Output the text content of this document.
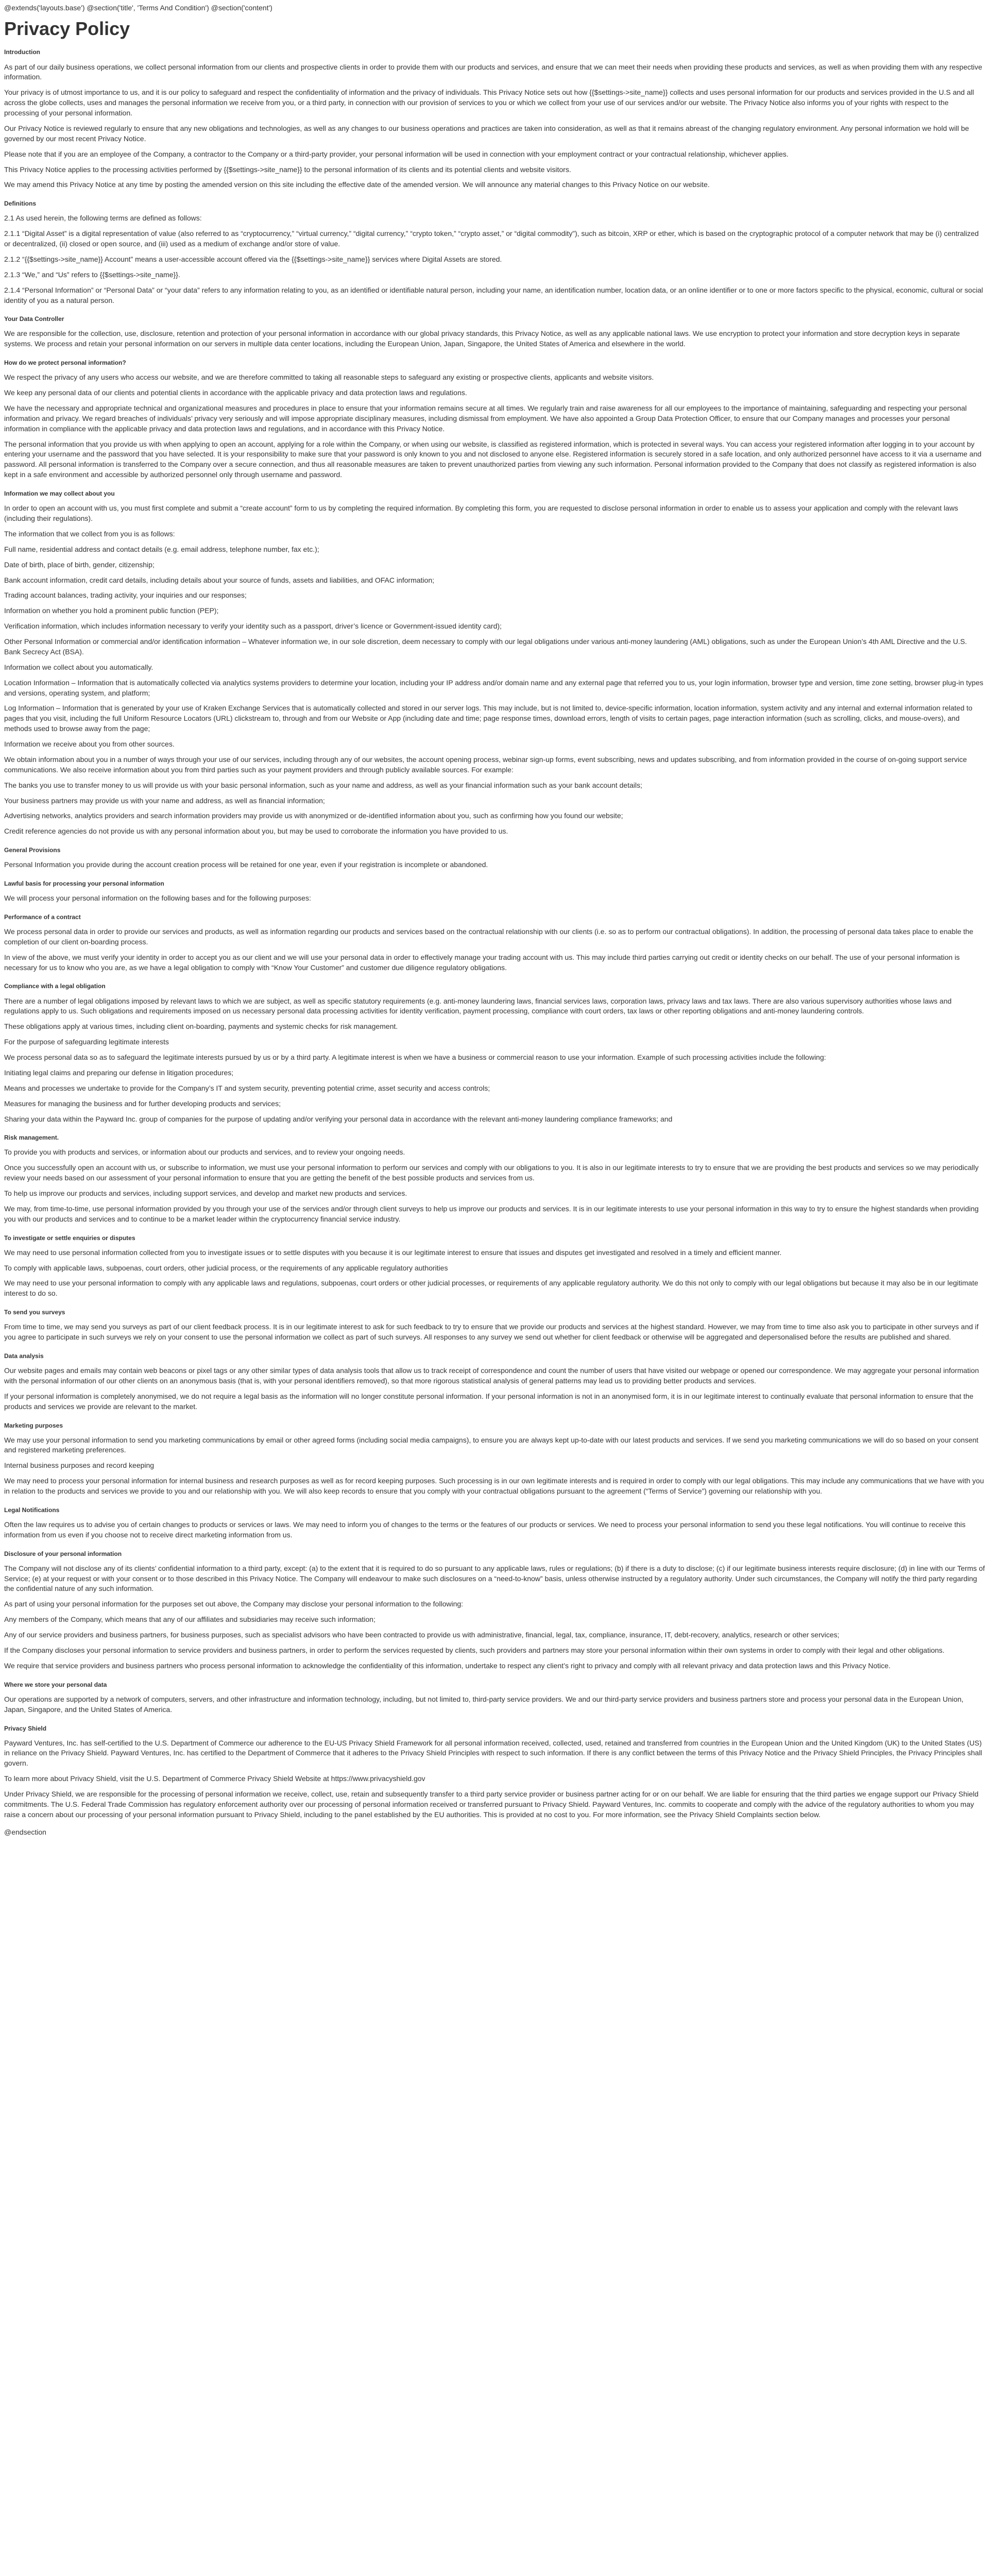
@extends('layouts.base') @section('title', 'Terms And Condition') @section('content')
Privacy Policy
Introduction

As part of our daily business operations, we collect personal information from our clients and prospective clients in order to provide them with our products and services, and ensure that we can meet their needs when providing these products and services, as well as when providing them with any respective information.

Your privacy is of utmost importance to us, and it is our policy to safeguard and respect the confidentiality of information and the privacy of individuals. This Privacy Notice sets out how {{$settings->site_name}} collects and uses personal information for our products and services provided in the U.S and all across the globe collects, uses and manages the personal information we receive from you, or a third party, in connection with our provision of services to you or which we collect from your use of our services and/or our website. The Privacy Notice also informs you of your rights with respect to the processing of your personal information.

Our Privacy Notice is reviewed regularly to ensure that any new obligations and technologies, as well as any changes to our business operations and practices are taken into consideration, as well as that it remains abreast of the changing regulatory environment. Any personal information we hold will be governed by our most recent Privacy Notice.

Please note that if you are an employee of the Company, a contractor to the Company or a third-party provider, your personal information will be used in connection with your employment contract or your contractual relationship, whichever applies.

This Privacy Notice applies to the processing activities performed by {{$settings->site_name}} to the personal information of its clients and its potential clients and website visitors.

We may amend this Privacy Notice at any time by posting the amended version on this site including the effective date of the amended version. We will announce any material changes to this Privacy Notice on our website.

Definitions

2.1 As used herein, the following terms are defined as follows:

2.1.1 “Digital Asset” is a digital representation of value (also referred to as “cryptocurrency,” “virtual currency,” “digital currency,” “crypto token,” “crypto asset,” or “digital commodity”), such as bitcoin, XRP or ether, which is based on the cryptographic protocol of a computer network that may be (i) centralized or decentralized, (ii) closed or open source, and (iii) used as a medium of exchange and/or store of value.

2.1.2 “{{$settings->site_name}} Account” means a user-accessible account offered via the {{$settings->site_name}} services where Digital Assets are stored.

2.1.3 “We,” and “Us” refers to {{$settings->site_name}}.

2.1.4 “Personal Information” or “Personal Data” or “your data” refers to any information relating to you, as an identified or identifiable natural person, including your name, an identification number, location data, or an online identifier or to one or more factors specific to the physical, economic, cultural or social identity of you as a natural person.

Your Data Controller

We are responsible for the collection, use, disclosure, retention and protection of your personal information in accordance with our global privacy standards, this Privacy Notice, as well as any applicable national laws. We use encryption to protect your information and store decryption keys in separate systems. We process and retain your personal information on our servers in multiple data center locations, including the European Union, Japan, Singapore, the United States of America and elsewhere in the world.

How do we protect personal information?

We respect the privacy of any users who access our website, and we are therefore committed to taking all reasonable steps to safeguard any existing or prospective clients, applicants and website visitors.

We keep any personal data of our clients and potential clients in accordance with the applicable privacy and data protection laws and regulations.

We have the necessary and appropriate technical and organizational measures and procedures in place to ensure that your information remains secure at all times. We regularly train and raise awareness for all our employees to the importance of maintaining, safeguarding and respecting your personal information and privacy. We regard breaches of individuals’ privacy very seriously and will impose appropriate disciplinary measures, including dismissal from employment. We have also appointed a Group Data Protection Officer, to ensure that our Company manages and processes your personal information in compliance with the applicable privacy and data protection laws and regulations, and in accordance with this Privacy Notice.

The personal information that you provide us with when applying to open an account, applying for a role within the Company, or when using our website, is classified as registered information, which is protected in several ways. You can access your registered information after logging in to your account by entering your username and the password that you have selected. It is your responsibility to make sure that your password is only known to you and not disclosed to anyone else. Registered information is securely stored in a safe location, and only authorized personnel have access to it via a username and password. All personal information is transferred to the Company over a secure connection, and thus all reasonable measures are taken to prevent unauthorized parties from viewing any such information. Personal information provided to the Company that does not classify as registered information is also kept in a safe environment and accessible by authorized personnel only through username and password.

Information we may collect about you

In order to open an account with us, you must first complete and submit a “create account” form to us by completing the required information. By completing this form, you are requested to disclose personal information in order to enable us to assess your application and comply with the relevant laws (including their regulations).

The information that we collect from you is as follows:

Full name, residential address and contact details (e.g. email address, telephone number, fax etc.);

Date of birth, place of birth, gender, citizenship;

Bank account information, credit card details, including details about your source of funds, assets and liabilities, and OFAC information;

Trading account balances, trading activity, your inquiries and our responses;

Information on whether you hold a prominent public function (PEP);

Verification information, which includes information necessary to verify your identity such as a passport, driver’s licence or Government-issued identity card);

Other Personal Information or commercial and/or identification information – Whatever information we, in our sole discretion, deem necessary to comply with our legal obligations under various anti-money laundering (AML) obligations, such as under the European Union’s 4th AML Directive and the U.S. Bank Secrecy Act (BSA).

Information we collect about you automatically.

Location Information – Information that is automatically collected via analytics systems providers to determine your location, including your IP address and/or domain name and any external page that referred you to us, your login information, browser type and version, time zone setting, browser plug-in types and versions, operating system, and platform;

Log Information – Information that is generated by your use of Kraken Exchange Services that is automatically collected and stored in our server logs. This may include, but is not limited to, device-specific information, location information, system activity and any internal and external information related to pages that you visit, including the full Uniform Resource Locators (URL) clickstream to, through and from our Website or App (including date and time; page response times, download errors, length of visits to certain pages, page interaction information (such as scrolling, clicks, and mouse-overs), and methods used to browse away from the page;

Information we receive about you from other sources.

We obtain information about you in a number of ways through your use of our services, including through any of our websites, the account opening process, webinar sign-up forms, event subscribing, news and updates subscribing, and from information provided in the course of on-going support service communications. We also receive information about you from third parties such as your payment providers and through publicly available sources. For example:

The banks you use to transfer money to us will provide us with your basic personal information, such as your name and address, as well as your financial information such as your bank account details;

Your business partners may provide us with your name and address, as well as financial information;

Advertising networks, analytics providers and search information providers may provide us with anonymized or de-identified information about you, such as confirming how you found our website;

Credit reference agencies do not provide us with any personal information about you, but may be used to corroborate the information you have provided to us.

General Provisions

Personal Information you provide during the account creation process will be retained for one year, even if your registration is incomplete or abandoned.

Lawful basis for processing your personal information

We will process your personal information on the following bases and for the following purposes:

Performance of a contract

We process personal data in order to provide our services and products, as well as information regarding our products and services based on the contractual relationship with our clients (i.e. so as to perform our contractual obligations). In addition, the processing of personal data takes place to enable the completion of our client on-boarding process.

In view of the above, we must verify your identity in order to accept you as our client and we will use your personal data in order to effectively manage your trading account with us. This may include third parties carrying out credit or identity checks on our behalf. The use of your personal information is necessary for us to know who you are, as we have a legal obligation to comply with “Know Your Customer” and customer due diligence regulatory obligations.

Compliance with a legal obligation

There are a number of legal obligations imposed by relevant laws to which we are subject, as well as specific statutory requirements (e.g. anti-money laundering laws, financial services laws, corporation laws, privacy laws and tax laws. There are also various supervisory authorities whose laws and regulations apply to us. Such obligations and requirements imposed on us necessary personal data processing activities for identity verification, payment processing, compliance with court orders, tax laws or other reporting obligations and anti-money laundering controls.

These obligations apply at various times, including client on-boarding, payments and systemic checks for risk management.

For the purpose of safeguarding legitimate interests

We process personal data so as to safeguard the legitimate interests pursued by us or by a third party. A legitimate interest is when we have a business or commercial reason to use your information. Example of such processing activities include the following:

Initiating legal claims and preparing our defense in litigation procedures;

Means and processes we undertake to provide for the Company’s IT and system security, preventing potential crime, asset security and access controls;

Measures for managing the business and for further developing products and services;

Sharing your data within the Payward Inc. group of companies for the purpose of updating and/or verifying your personal data in accordance with the relevant anti-money laundering compliance frameworks; and

Risk management.

To provide you with products and services, or information about our products and services, and to review your ongoing needs.

Once you successfully open an account with us, or subscribe to information, we must use your personal information to perform our services and comply with our obligations to you. It is also in our legitimate interests to try to ensure that we are providing the best products and services so we may periodically review your needs based on our assessment of your personal information to ensure that you are getting the benefit of the best possible products and services from us.

To help us improve our products and services, including support services, and develop and market new products and services.

We may, from time-to-time, use personal information provided by you through your use of the services and/or through client surveys to help us improve our products and services. It is in our legitimate interests to use your personal information in this way to try to ensure the highest standards when providing you with our products and services and to continue to be a market leader within the cryptocurrency financial service industry.

To investigate or settle enquiries or disputes

We may need to use personal information collected from you to investigate issues or to settle disputes with you because it is our legitimate interest to ensure that issues and disputes get investigated and resolved in a timely and efficient manner.

To comply with applicable laws, subpoenas, court orders, other judicial process, or the requirements of any applicable regulatory authorities

We may need to use your personal information to comply with any applicable laws and regulations, subpoenas, court orders or other judicial processes, or requirements of any applicable regulatory authority. We do this not only to comply with our legal obligations but because it may also be in our legitimate interest to do so.

To send you surveys

From time to time, we may send you surveys as part of our client feedback process. It is in our legitimate interest to ask for such feedback to try to ensure that we provide our products and services at the highest standard. However, we may from time to time also ask you to participate in other surveys and if you agree to participate in such surveys we rely on your consent to use the personal information we collect as part of such surveys. All responses to any survey we send out whether for client feedback or otherwise will be aggregated and depersonalised before the results are published and shared.

Data analysis

Our website pages and emails may contain web beacons or pixel tags or any other similar types of data analysis tools that allow us to track receipt of correspondence and count the number of users that have visited our webpage or opened our correspondence. We may aggregate your personal information with the personal information of our other clients on an anonymous basis (that is, with your personal identifiers removed), so that more rigorous statistical analysis of general patterns may lead us to providing better products and services.

If your personal information is completely anonymised, we do not require a legal basis as the information will no longer constitute personal information. If your personal information is not in an anonymised form, it is in our legitimate interest to continually evaluate that personal information to ensure that the products and services we provide are relevant to the market.

Marketing purposes

We may use your personal information to send you marketing communications by email or other agreed forms (including social media campaigns), to ensure you are always kept up-to-date with our latest products and services. If we send you marketing communications we will do so based on your consent and registered marketing preferences.

Internal business purposes and record keeping

We may need to process your personal information for internal business and research purposes as well as for record keeping purposes. Such processing is in our own legitimate interests and is required in order to comply with our legal obligations. This may include any communications that we have with you in relation to the products and services we provide to you and our relationship with you. We will also keep records to ensure that you comply with your contractual obligations pursuant to the agreement (“Terms of Service”) governing our relationship with you.

Legal Notifications

Often the law requires us to advise you of certain changes to products or services or laws. We may need to inform you of changes to the terms or the features of our products or services. We need to process your personal information to send you these legal notifications. You will continue to receive this information from us even if you choose not to receive direct marketing information from us.

Disclosure of your personal information

The Company will not disclose any of its clients’ confidential information to a third party, except: (a) to the extent that it is required to do so pursuant to any applicable laws, rules or regulations; (b) if there is a duty to disclose; (c) if our legitimate business interests require disclosure; (d) in line with our Terms of Service; (e) at your request or with your consent or to those described in this Privacy Notice. The Company will endeavour to make such disclosures on a “need-to-know” basis, unless otherwise instructed by a regulatory authority. Under such circumstances, the Company will notify the third party regarding the confidential nature of any such information.

As part of using your personal information for the purposes set out above, the Company may disclose your personal information to the following:

Any members of the Company, which means that any of our affiliates and subsidiaries may receive such information;

Any of our service providers and business partners, for business purposes, such as specialist advisors who have been contracted to provide us with administrative, financial, legal, tax, compliance, insurance, IT, debt-recovery, analytics, research or other services;

If the Company discloses your personal information to service providers and business partners, in order to perform the services requested by clients, such providers and partners may store your personal information within their own systems in order to comply with their legal and other obligations.

We require that service providers and business partners who process personal information to acknowledge the confidentiality of this information, undertake to respect any client’s right to privacy and comply with all relevant privacy and data protection laws and this Privacy Notice.

Where we store your personal data

Our operations are supported by a network of computers, servers, and other infrastructure and information technology, including, but not limited to, third-party service providers. We and our third-party service providers and business partners store and process your personal data in the European Union, Japan, Singapore, and the United States of America.

Privacy Shield

Payward Ventures, Inc. has self-certified to the U.S. Department of Commerce our adherence to the EU-US Privacy Shield Framework for all personal information received, collected, used, retained and transferred from countries in the European Union and the United Kingdom (UK) to the United States (US) in reliance on the Privacy Shield. Payward Ventures, Inc. has certified to the Department of Commerce that it adheres to the Privacy Shield Principles with respect to such information. If there is any conflict between the terms of this Privacy Notice and the Privacy Shield Principles, the Privacy Principles shall govern.

To learn more about Privacy Shield, visit the U.S. Department of Commerce Privacy Shield Website at https://www.privacyshield.gov

Under Privacy Shield, we are responsible for the processing of personal information we receive, collect, use, retain and subsequently transfer to a third party service provider or business partner acting for or on our behalf. We are liable for ensuring that the third parties we engage support our Privacy Shield commitments. The U.S. Federal Trade Commission has regulatory enforcement authority over our processing of personal information received or transferred pursuant to Privacy Shield. Payward Ventures, Inc. commits to cooperate and comply with the advice of the regulatory authorities to whom you may raise a concern about our processing of your personal information pursuant to Privacy Shield, including to the panel established by the EU authorities. This is provided at no cost to you. For more information, see the Privacy Shield Complaints section below.

@endsection
